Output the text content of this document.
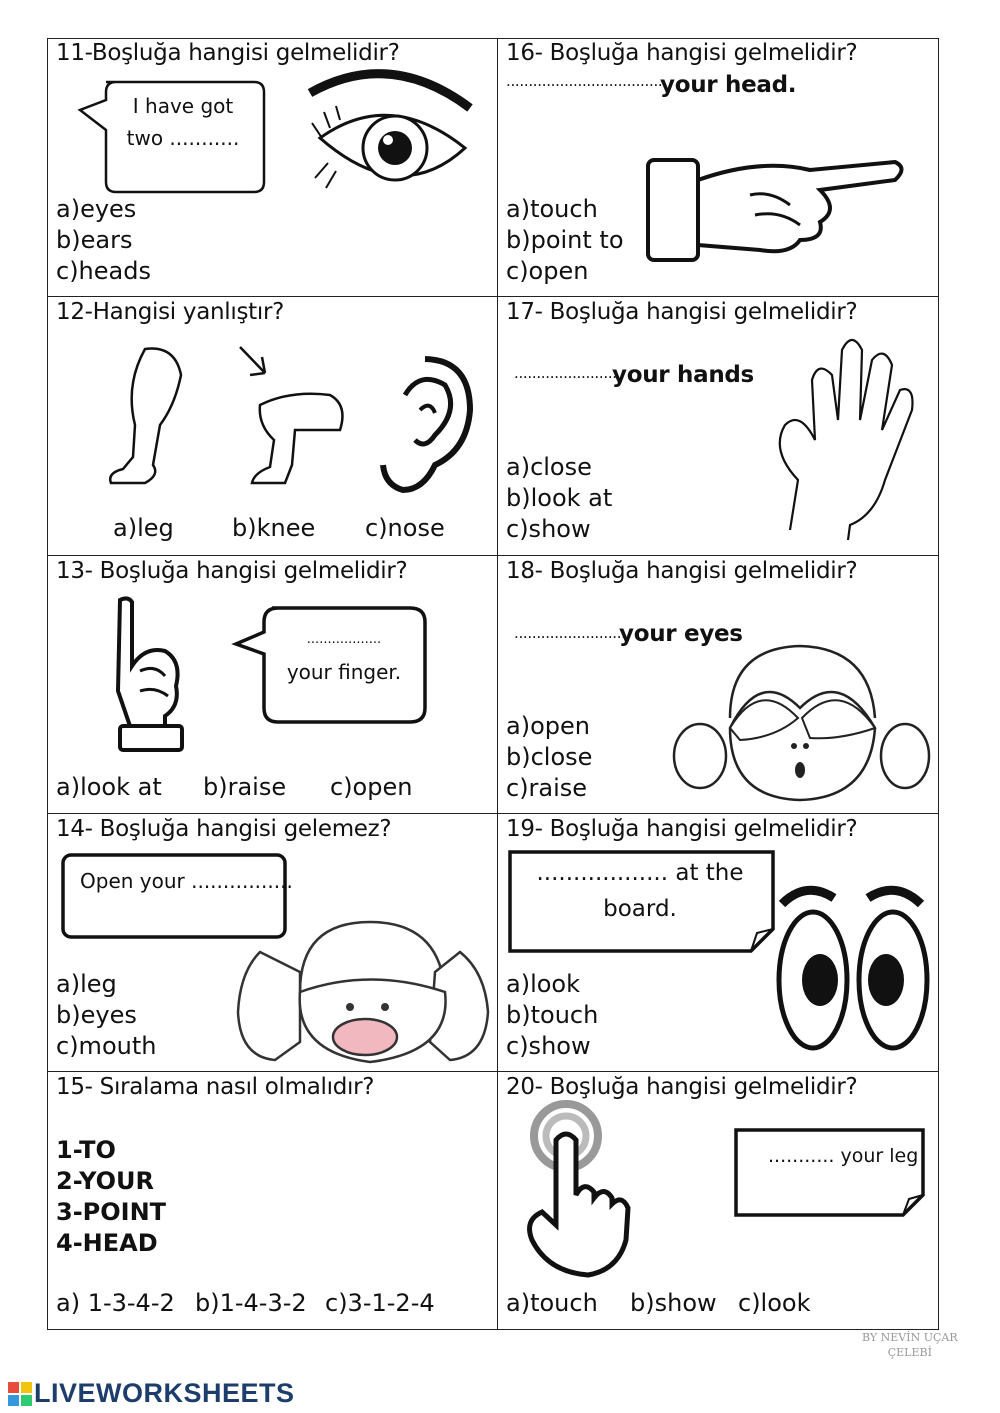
11-Boşluğa hangisi gelmelidir?
I have got
two ...........
a)eyes
b)ears
c)heads
16- Boşluğa hangisi gelmelidir?
...................................
your head.
a)touch
b)point to
c)open
12-Hangisi yanlıştır?
a)leg b)knee c)nose
17- Boşluğa hangisi gelmelidir?
.......................
your hands
a)close
b)look at
c)show
13- Boşluğa hangisi gelmelidir?
..................
your finger.
a)look at b)raise c)open
18- Boşluğa hangisi gelmelidir?
..........................
your eyes
a)open
b)close
c)raise
14- Boşluğa hangisi gelemez?
Open your ................
a)leg
b)eyes
c)mouth
19- Boşluğa hangisi gelmelidir?
.................. at the
board.
a)look
b)touch
c)show
15- Sıralama nasıl olmalıdır?
1-TO
2-YOUR
3-POINT
4-HEAD
a) 1-3-4-2 b)1-4-3-2 c)3-1-2-4
20- Boşluğa hangisi gelmelidir?
........... your leg
a)touch b)show c)look
LIVEWORKSHEETS
BY NEVİN UÇAR
ÇELEBİ
